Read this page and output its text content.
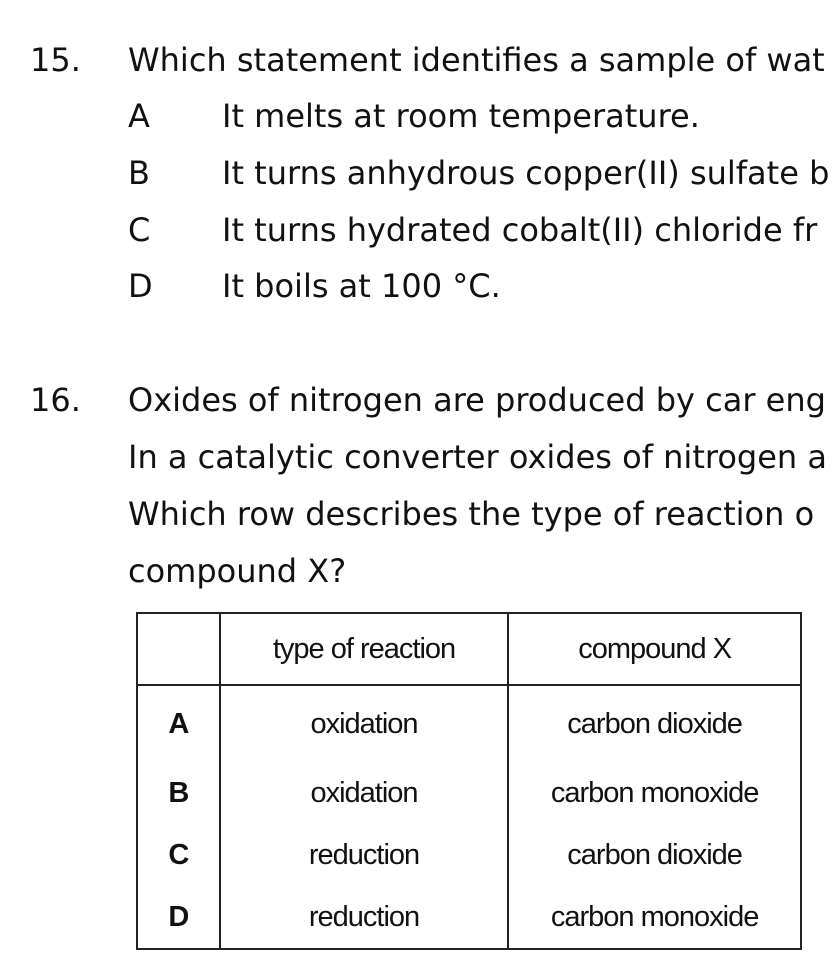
15. Which statement identifies a sample of wat
A It melts at room temperature.
B It turns anhydrous copper(II) sulfate b
C It turns hydrated cobalt(II) chloride fr
D It boils at 100 °C.
16. Oxides of nitrogen are produced by car eng
In a catalytic converter oxides of nitrogen a
Which row describes the type of reaction o
compound X?
	type of reaction	compound X
A	oxidation	carbon dioxide
B	oxidation	carbon monoxide
C	reduction	carbon dioxide
D	reduction	carbon monoxide
